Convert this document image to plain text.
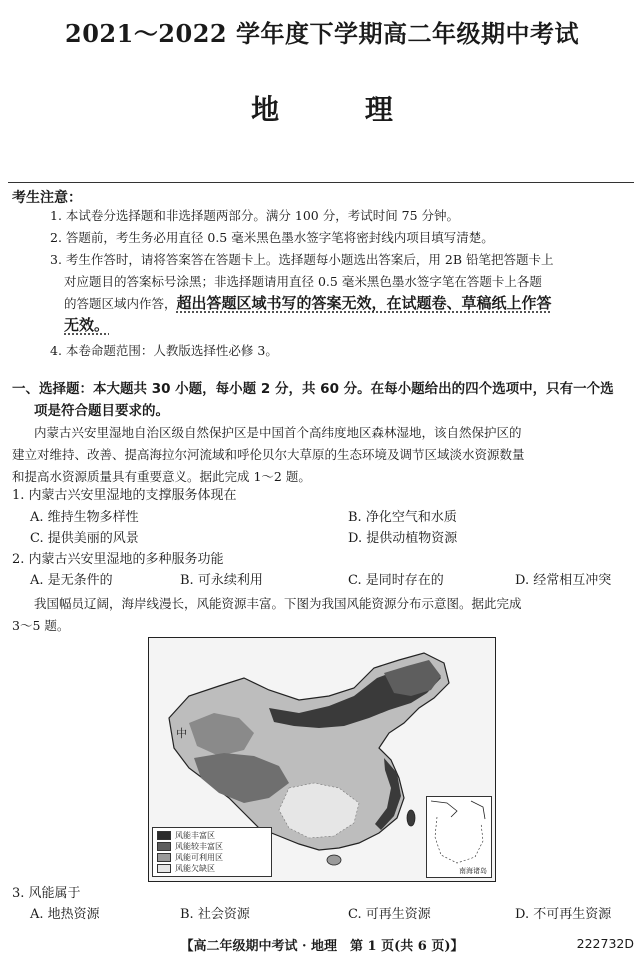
2021～2022 学年度下学期高二年级期中考试
地 理
考生注意：
1. 本试卷分选择题和非选择题两部分。满分 100 分，考试时间 75 分钟。
2. 答题前，考生务必用直径 0.5 毫米黑色墨水签字笔将密封线内项目填写清楚。
3. 考生作答时，请将答案答在答题卡上。选择题每小题选出答案后，用 2B 铅笔把答题卡上
对应题目的答案标号涂黑；非选择题请用直径 0.5 毫米黑色墨水签字笔在答题卡上各题
的答题区域内作答，超出答题区域书写的答案无效，在试题卷、草稿纸上作答
无效。
4. 本卷命题范围：人教版选择性必修 3。
一、选择题：本大题共 30 小题，每小题 2 分，共 60 分。在每小题给出的四个选项中，只有一个选
项是符合题目要求的。
内蒙古兴安里湿地自治区级自然保护区是中国首个高纬度地区森林湿地，该自然保护区的
建立对维持、改善、提高海拉尔河流域和呼伦贝尔大草原的生态环境及调节区域淡水资源数量
和提高水资源质量具有重要意义。据此完成 1～2 题。
1. 内蒙古兴安里湿地的支撑服务体现在
A. 维持生物多样性	B. 净化空气和水质
C. 提供美丽的风景	D. 提供动植物资源
2. 内蒙古兴安里湿地的多种服务功能
A. 是无条件的	B. 可永续利用	C. 是同时存在的	D. 经常相互冲突
我国幅员辽阔，海岸线漫长，风能资源丰富。下图为我国风能资源分布示意图。据此完成
3～5 题。
中
风能丰富区
风能较丰富区
风能可利用区
风能欠缺区	南海诸岛
3. 风能属于
A. 地热资源	B. 社会资源	C. 可再生资源	D. 不可再生资源
【高二年级期中考试 · 地理　第 1 页(共 6 页)】	222732D
